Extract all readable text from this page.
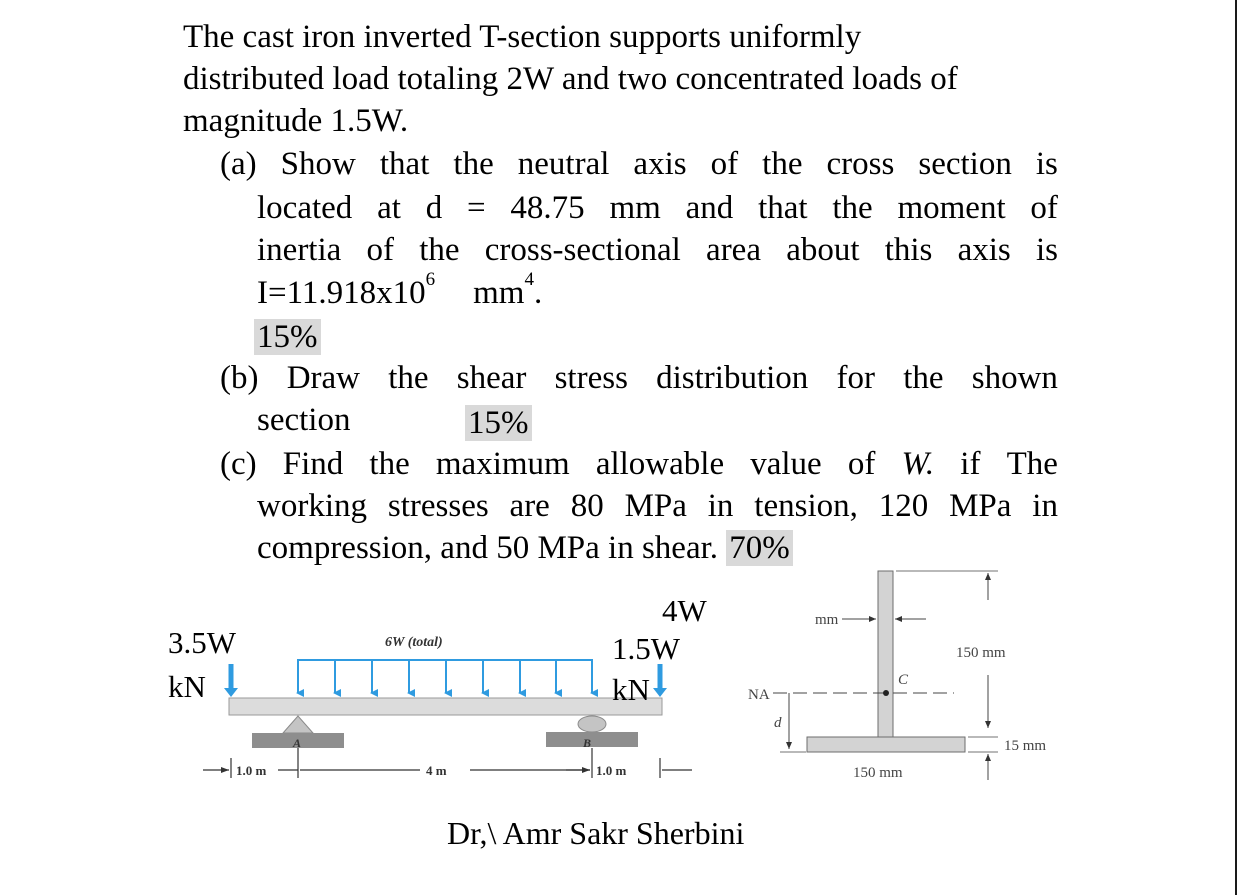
The cast iron inverted T-section supports uniformly
distributed load totaling 2W and two concentrated loads of
magnitude 1.5W.
(a) Show that the neutral axis of the cross section is
located at d = 48.75 mm and that the moment of
inertia of the cross-sectional area about this axis is
$I=11.918x10^6$ $mm^4$.
15%
(b) Draw the shear stress distribution for the shown
section	15%
(c) Find the maximum allowable value of W. if The
working stresses are 80 MPa in tension, 120 MPa in
compression, and 50 MPa in shear. 70%
A	B
1.0 m	4 m	1.0 m
6W (total)
3.5W
kN
4W
1.5W
kN
mm
150 mm
15 mm
NA
C
d
150 mm
Dr,\ Amr Sakr Sherbini
